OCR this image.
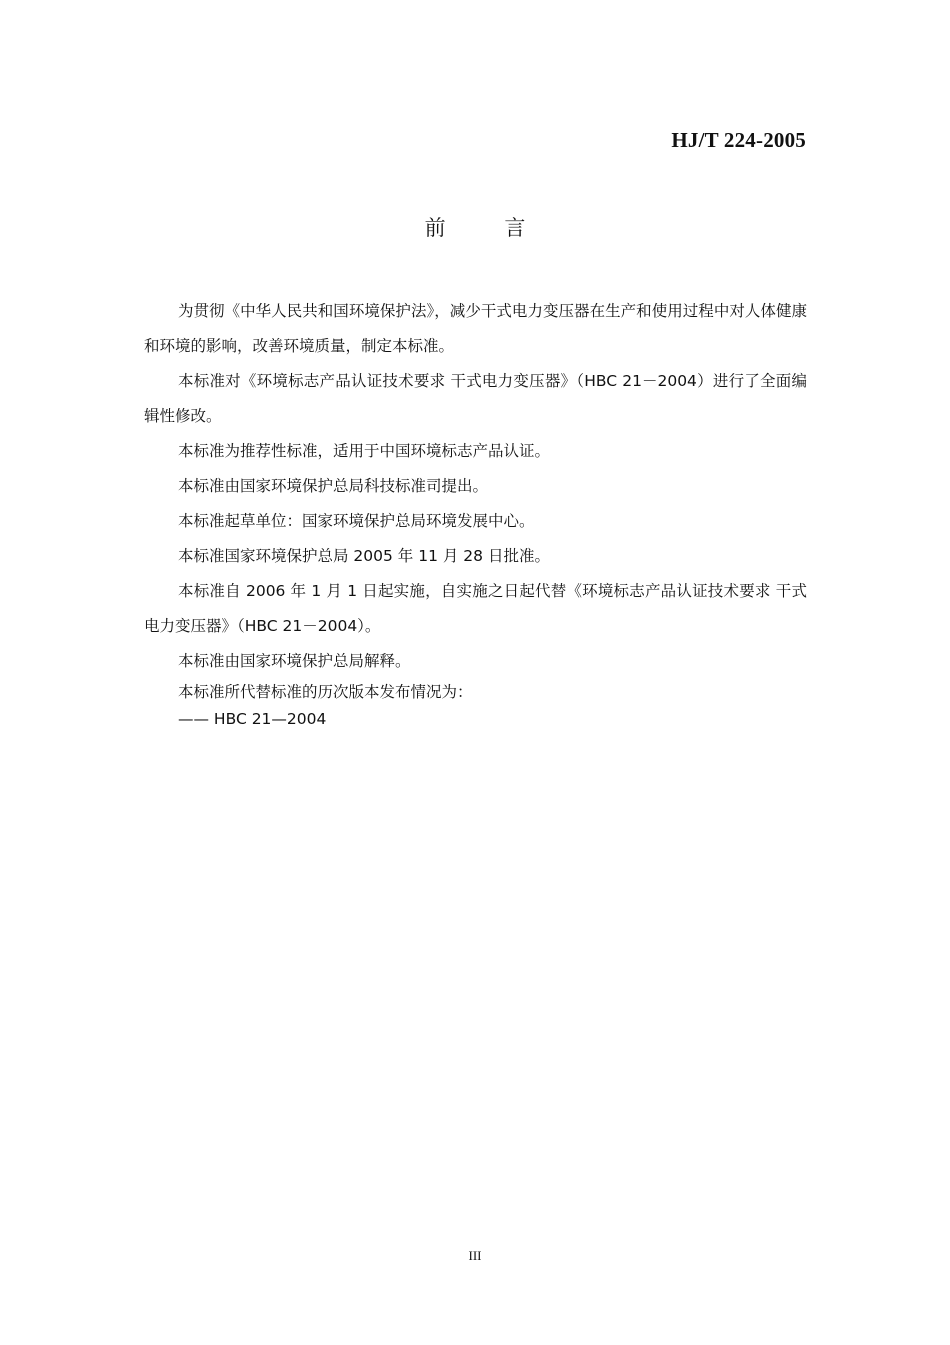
HJ/T 224-2005
前 言

为贯彻《中华人民共和国环境保护法》，减少干式电力变压器在生产和使用过程中对人体健康和环境的影响，改善环境质量，制定本标准。

本标准对《环境标志产品认证技术要求 干式电力变压器》（HBC 21－2004）进行了全面编辑性修改。

本标准为推荐性标准，适用于中国环境标志产品认证。

本标准由国家环境保护总局科技标准司提出。

本标准起草单位：国家环境保护总局环境发展中心。

本标准国家环境保护总局 2005 年 11 月 28 日批准。

本标准自 2006 年 1 月 1 日起实施，自实施之日起代替《环境标志产品认证技术要求 干式电力变压器》（HBC 21－2004）。

本标准由国家环境保护总局解释。

本标准所代替标准的历次版本发布情况为：

—— HBC 21—2004

III
